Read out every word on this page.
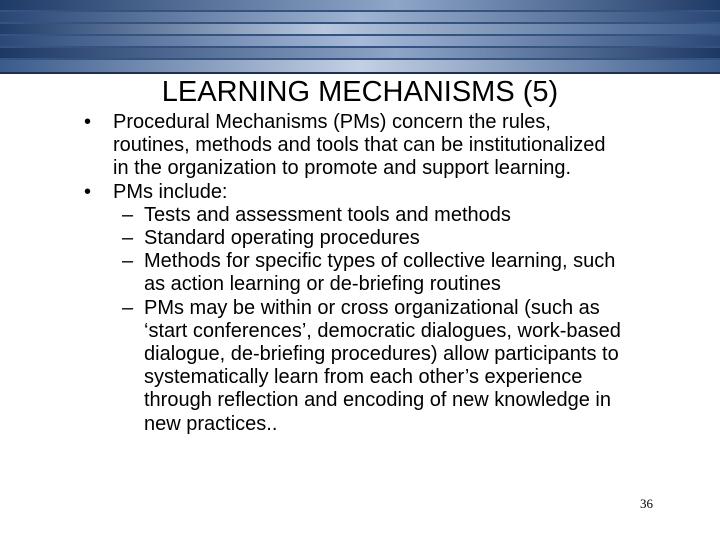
LEARNING MECHANISMS (5)
• Procedural Mechanisms (PMs) concern the rules, routines, methods and tools that can be institutionalized in the organization to promote and support learning.
• PMs include:
– Tests and assessment tools and methods
– Standard operating procedures
– Methods for specific types of collective learning, such as action learning or de-briefing routines
– PMs may be within or cross organizational (such as ‘start conferences’, democratic dialogues, work-based dialogue, de-briefing procedures) allow participants to systematically learn from each other’s experience through reflection and encoding of new knowledge in new practices..
36
